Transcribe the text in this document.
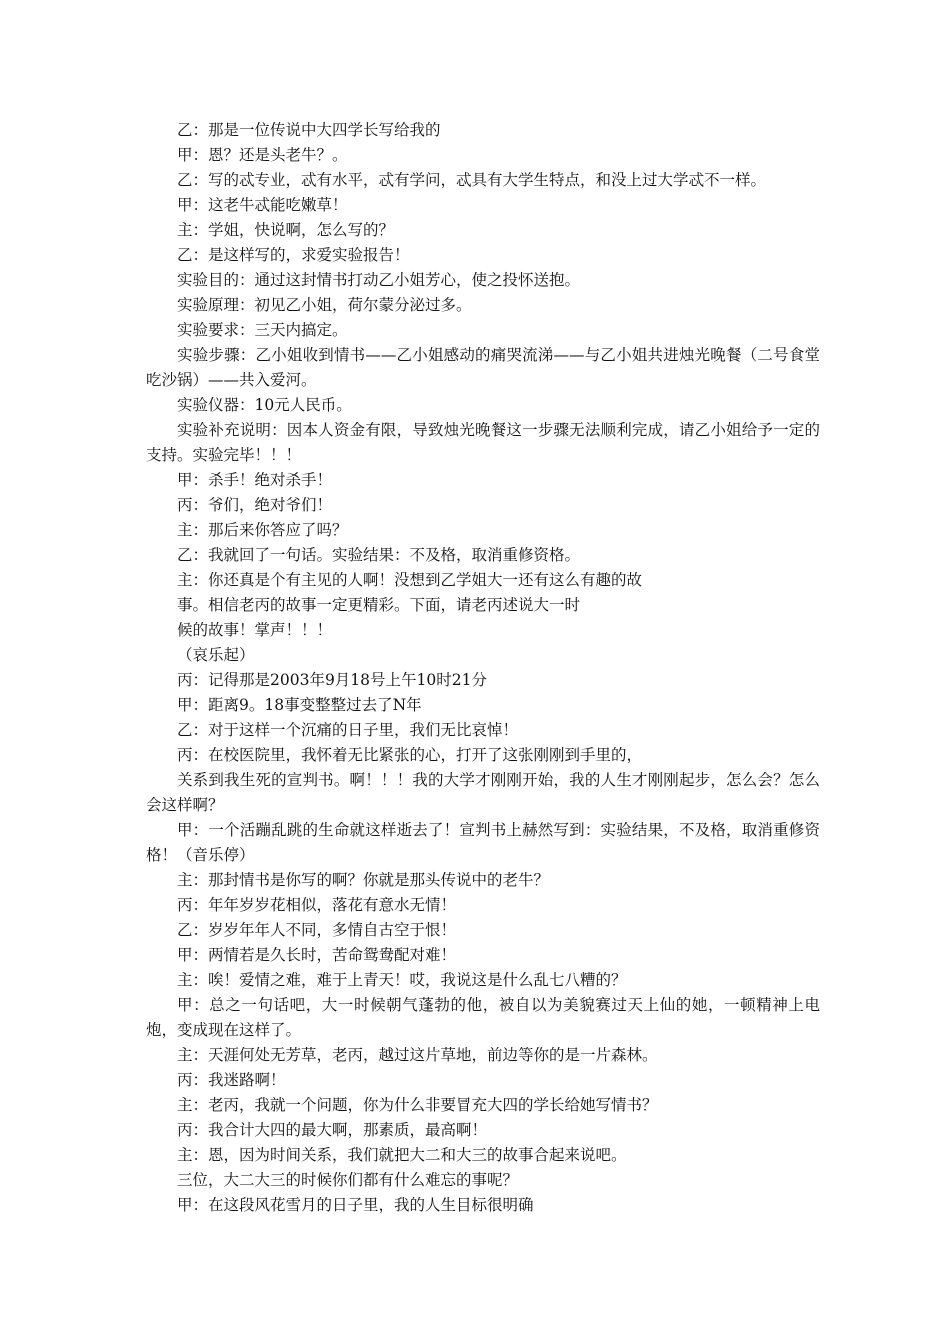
乙：那是一位传说中大四学长写给我的

甲：恩？还是头老牛？。

乙：写的忒专业，忒有水平，忒有学问，忒具有大学生特点，和没上过大学忒不一样。

甲：这老牛忒能吃嫩草！

主：学姐，快说啊，怎么写的？

乙：是这样写的，求爱实验报告！

实验目的：通过这封情书打动乙小姐芳心，使之投怀送抱。

实验原理：初见乙小姐，荷尔蒙分泌过多。

实验要求：三天内搞定。

实验步骤：乙小姐收到情书——乙小姐感动的痛哭流涕——与乙小姐共进烛光晚餐（二号食堂吃沙锅）——共入爱河。

实验仪器：10元人民币。

实验补充说明：因本人资金有限，导致烛光晚餐这一步骤无法顺利完成，请乙小姐给予一定的支持。实验完毕！！！

甲：杀手！绝对杀手！

丙：爷们，绝对爷们！

主：那后来你答应了吗？

乙：我就回了一句话。实验结果：不及格，取消重修资格。

主：你还真是个有主见的人啊！没想到乙学姐大一还有这么有趣的故

事。相信老丙的故事一定更精彩。下面，请老丙述说大一时

候的故事！掌声！！！

（哀乐起）

丙：记得那是2003年9月18号上午10时21分

甲：距离9。18事变整整过去了N年

乙：对于这样一个沉痛的日子里，我们无比哀悼！

丙：在校医院里，我怀着无比紧张的心，打开了这张刚刚到手里的，

关系到我生死的宣判书。啊！！！我的大学才刚刚开始，我的人生才刚刚起步，怎么会？怎么会这样啊？

甲：一个活蹦乱跳的生命就这样逝去了！宣判书上赫然写到：实验结果，不及格，取消重修资格！（音乐停）

主：那封情书是你写的啊？你就是那头传说中的老牛？

丙：年年岁岁花相似，落花有意水无情！

乙：岁岁年年人不同，多情自古空于恨！

甲：两情若是久长时，苦命鸳鸯配对难！

主：唉！爱情之难，难于上青天！哎，我说这是什么乱七八糟的？

甲：总之一句话吧，大一时候朝气蓬勃的他，被自以为美貌赛过天上仙的她，一顿精神上电炮，变成现在这样了。

主：天涯何处无芳草，老丙，越过这片草地，前边等你的是一片森林。

丙：我迷路啊！

主：老丙，我就一个问题，你为什么非要冒充大四的学长给她写情书？

丙：我合计大四的最大啊，那素质，最高啊！

主：恩，因为时间关系，我们就把大二和大三的故事合起来说吧。

三位，大二大三的时候你们都有什么难忘的事呢？

甲：在这段风花雪月的日子里，我的人生目标很明确
